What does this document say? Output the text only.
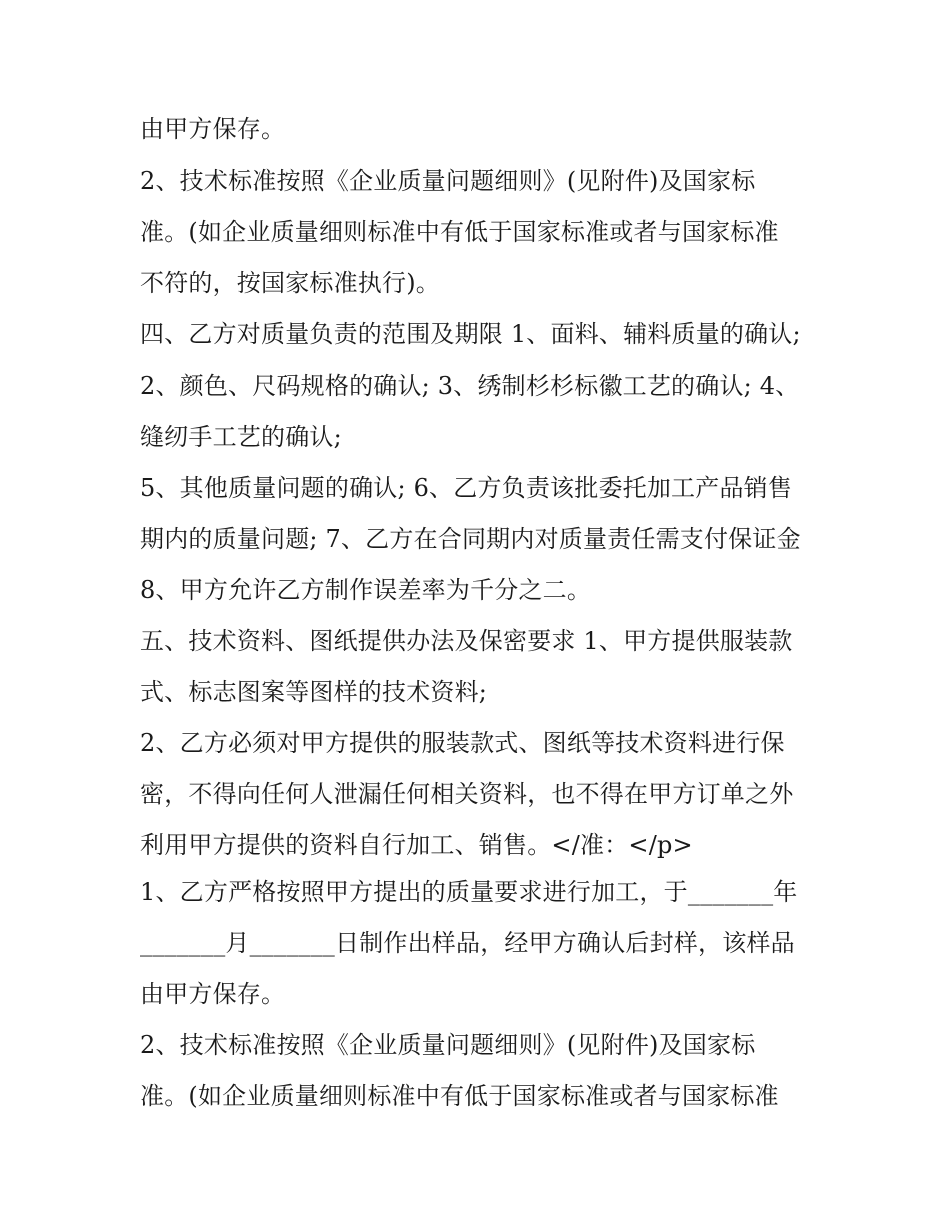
由甲方保存。
2、技术标准按照《企业质量问题细则》(见附件)及国家标
准。(如企业质量细则标准中有低于国家标准或者与国家标准
不符的，按国家标准执行)。
四、乙方对质量负责的范围及期限 1、面料、辅料质量的确认;
2、颜色、尺码规格的确认; 3、绣制杉杉标徽工艺的确认; 4、
缝纫手工艺的确认;
5、其他质量问题的确认; 6、乙方负责该批委托加工产品销售
期内的质量问题; 7、乙方在合同期内对质量责任需支付保证金
8、甲方允许乙方制作误差率为千分之二。
五、技术资料、图纸提供办法及保密要求 1、甲方提供服装款
式、标志图案等图样的技术资料;
2、乙方必须对甲方提供的服装款式、图纸等技术资料进行保
密，不得向任何人泄漏任何相关资料，也不得在甲方订单之外
利用甲方提供的资料自行加工、销售。</准：</p>
1、乙方严格按照甲方提出的质量要求进行加工，于_______年
_______月_______日制作出样品，经甲方确认后封样，该样品
由甲方保存。
2、技术标准按照《企业质量问题细则》(见附件)及国家标
准。(如企业质量细则标准中有低于国家标准或者与国家标准
